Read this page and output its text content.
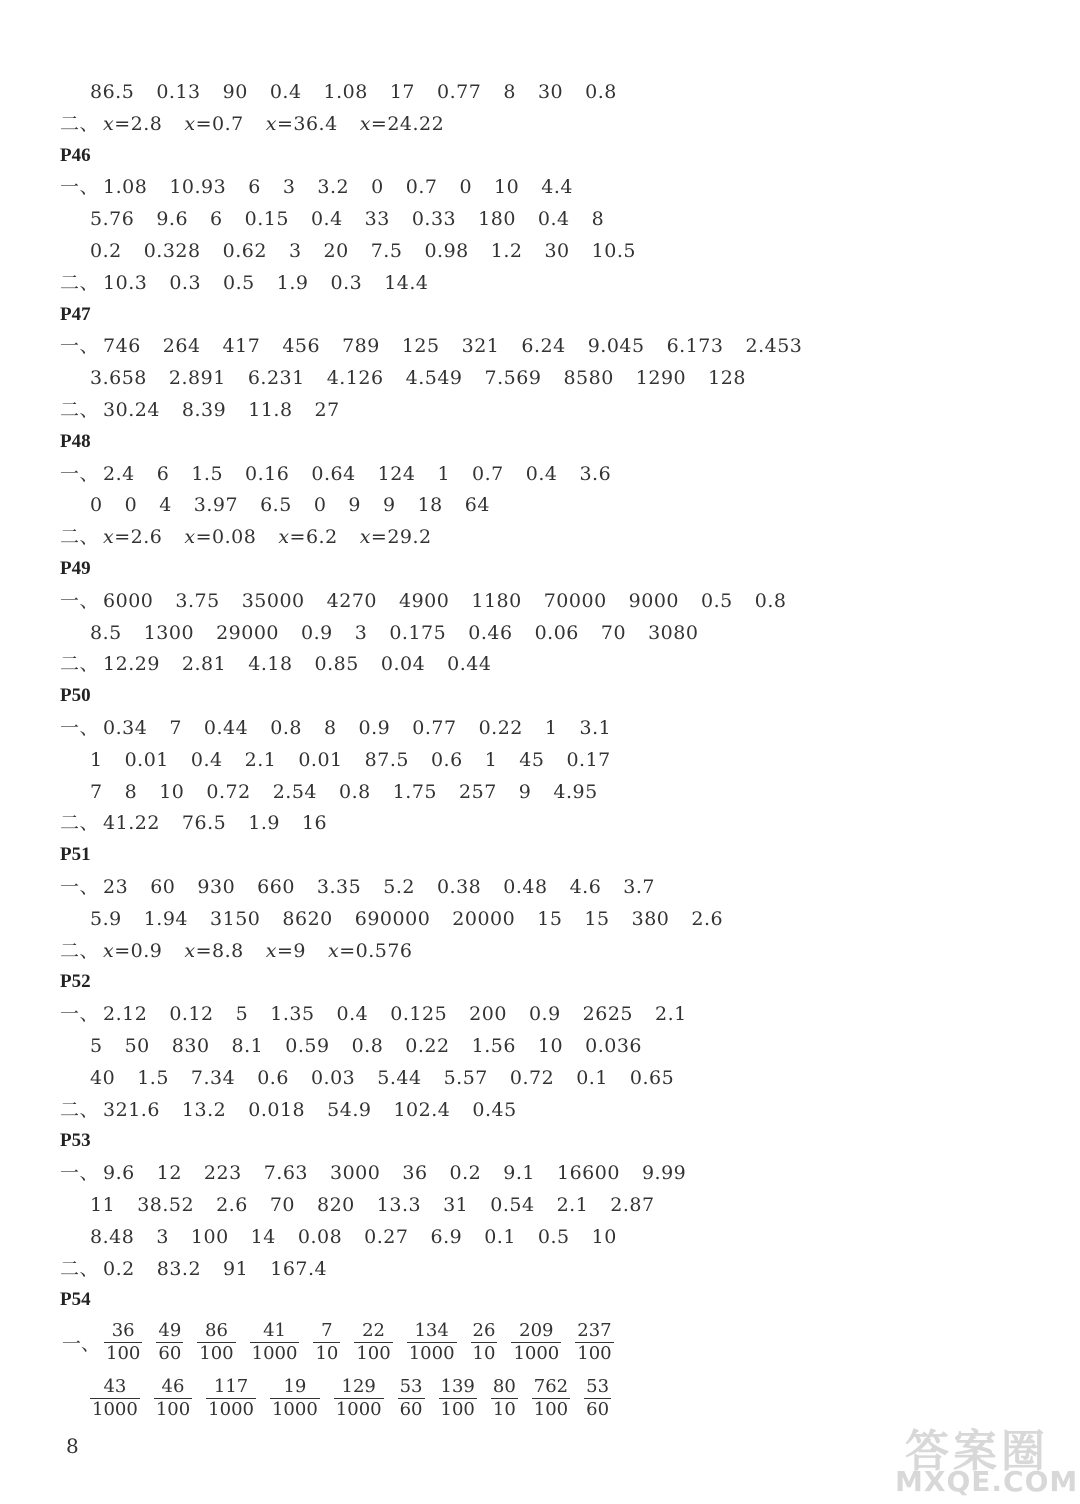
86.5 0.13 90 0.4 1.08 17 0.77 8 30 0.8
二、 x=2.8 x=0.7 x=36.4 x=24.22
P46
一、 1.08 10.93 6 3 3.2 0 0.7 0 10 4.4
5.76 9.6 6 0.15 0.4 33 0.33 180 0.4 8
0.2 0.328 0.62 3 20 7.5 0.98 1.2 30 10.5
二、 10.3 0.3 0.5 1.9 0.3 14.4
P47
一、 746 264 417 456 789 125 321 6.24 9.045 6.173 2.453
3.658 2.891 6.231 4.126 4.549 7.569 8580 1290 128
二、 30.24 8.39 11.8 27
P48
一、 2.4 6 1.5 0.16 0.64 124 1 0.7 0.4 3.6
0 0 4 3.97 6.5 0 9 9 18 64
二、 x=2.6 x=0.08 x=6.2 x=29.2
P49
一、 6000 3.75 35000 4270 4900 1180 70000 9000 0.5 0.8
8.5 1300 29000 0.9 3 0.175 0.46 0.06 70 3080
二、 12.29 2.81 4.18 0.85 0.04 0.44
P50
一、 0.34 7 0.44 0.8 8 0.9 0.77 0.22 1 3.1
1 0.01 0.4 2.1 0.01 87.5 0.6 1 45 0.17
7 8 10 0.72 2.54 0.8 1.75 257 9 4.95
二、 41.22 76.5 1.9 16
P51
一、 23 60 930 660 3.35 5.2 0.38 0.48 4.6 3.7
5.9 1.94 3150 8620 690000 20000 15 15 380 2.6
二、 x=0.9 x=8.8 x=9 x=0.576
P52
一、 2.12 0.12 5 1.35 0.4 0.125 200 0.9 2625 2.1
5 50 830 8.1 0.59 0.8 0.22 1.56 10 0.036
40 1.5 7.34 0.6 0.03 5.44 5.57 0.72 0.1 0.65
二、 321.6 13.2 0.018 54.9 102.4 0.45
P53
一、 9.6 12 223 7.63 3000 36 0.2 9.1 16600 9.99
11 38.52 2.6 70 820 13.3 31 0.54 2.1 2.87
8.48 3 100 14 0.08 0.27 6.9 0.1 0.5 10
二、 0.2 83.2 91 167.4
P54
一、 $\frac{36}{100} \frac{49}{60} \frac{86}{100} \frac{41}{1000} \frac{7}{10} \frac{22}{100} \frac{134}{1000} \frac{26}{10} \frac{209}{1000} \frac{237}{100}$
$\frac{43}{1000} \frac{46}{100} \frac{117}{1000} \frac{19}{1000} \frac{129}{1000} \frac{53}{60} \frac{139}{100} \frac{80}{10} \frac{762}{100} \frac{53}{60}$
8	答案圈
MXQE.COM
